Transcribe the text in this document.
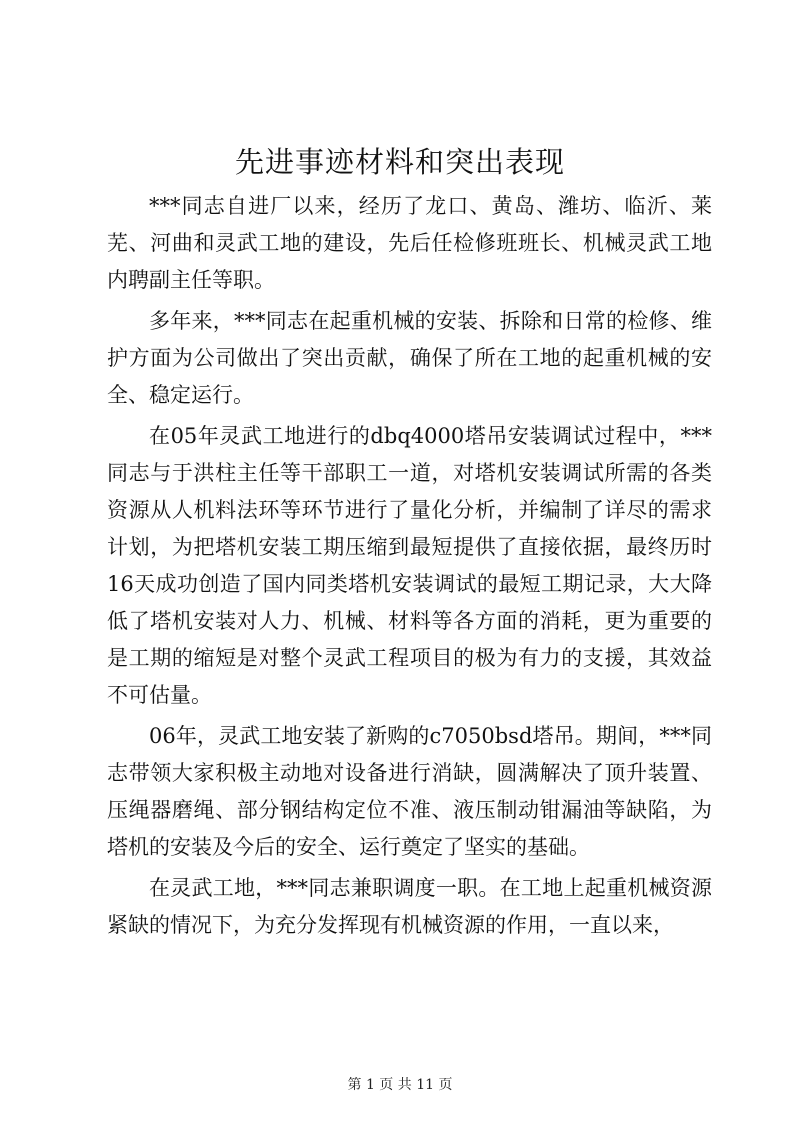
先进事迹材料和突出表现

***同志自进厂以来，经历了龙口、黄岛、潍坊、临沂、莱芜、河曲和灵武工地的建设，先后任检修班班长、机械灵武工地内聘副主任等职。

多年来，***同志在起重机械的安装、拆除和日常的检修、维护方面为公司做出了突出贡献，确保了所在工地的起重机械的安全、稳定运行。

在05年灵武工地进行的dbq4000塔吊安装调试过程中，***同志与于洪柱主任等干部职工一道，对塔机安装调试所需的各类资源从人机料法环等环节进行了量化分析，并编制了详尽的需求计划，为把塔机安装工期压缩到最短提供了直接依据，最终历时16天成功创造了国内同类塔机安装调试的最短工期记录，大大降低了塔机安装对人力、机械、材料等各方面的消耗，更为重要的是工期的缩短是对整个灵武工程项目的极为有力的支援，其效益不可估量。

06年，灵武工地安装了新购的c7050bsd塔吊。期间，***同志带领大家积极主动地对设备进行消缺，圆满解决了顶升装置、压绳器磨绳、部分钢结构定位不准、液压制动钳漏油等缺陷，为塔机的安装及今后的安全、运行奠定了坚实的基础。

在灵武工地，***同志兼职调度一职。在工地上起重机械资源紧缺的情况下，为充分发挥现有机械资源的作用，一直以来，

第 1 页 共 11 页
